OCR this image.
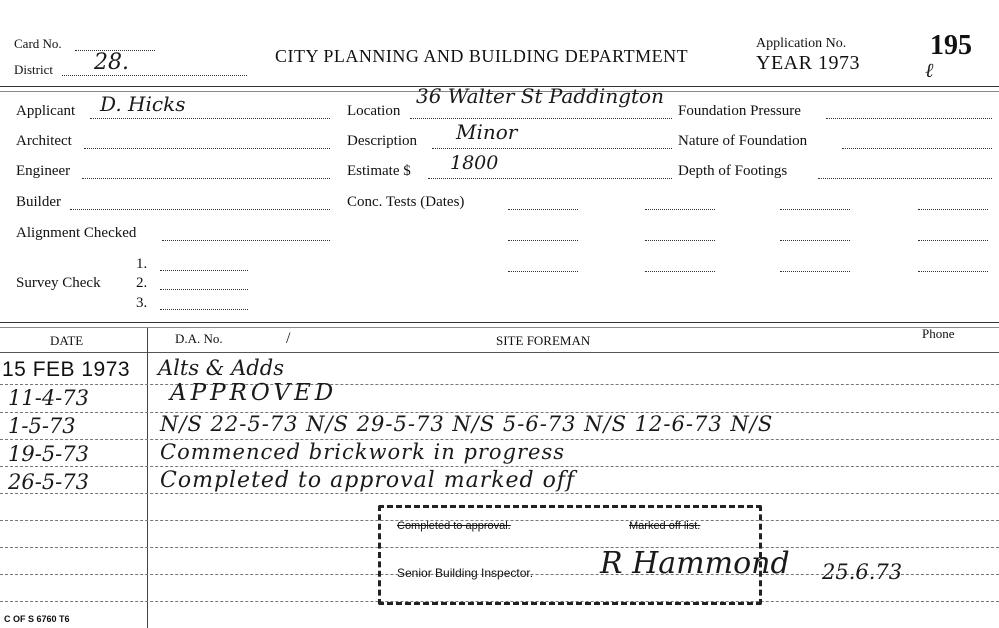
Card No.
District 28.	CITY PLANNING AND BUILDING DEPARTMENT
Application No.
YEAR 1973
195
ℓ
Applicant D. Hicks
Architect
Engineer
Builder
Alignment Checked
Survey Check
1.
2.
3.
Location
36 Walter St Paddington
Description Minor
Estimate $ 1800
Conc. Tests (Dates)
Foundation Pressure
Nature of Foundation
Depth of Footings
DATE	D.A. No.	/	SITE FOREMAN	Phone
15 FEB 1973 Alts & Adds
11-4-73	APPROVED
1-5-73	N/S 22-5-73 N/S 29-5-73 N/S 5-6-73 N/S 12-6-73 N/S
19-5-73	Commenced brickwork in progress
26-5-73	Completed to approval marked off
Completed to approval.	Marked off list.
Senior Building Inspector. R Hammond 25.6.73
C OF S 6760 T6
